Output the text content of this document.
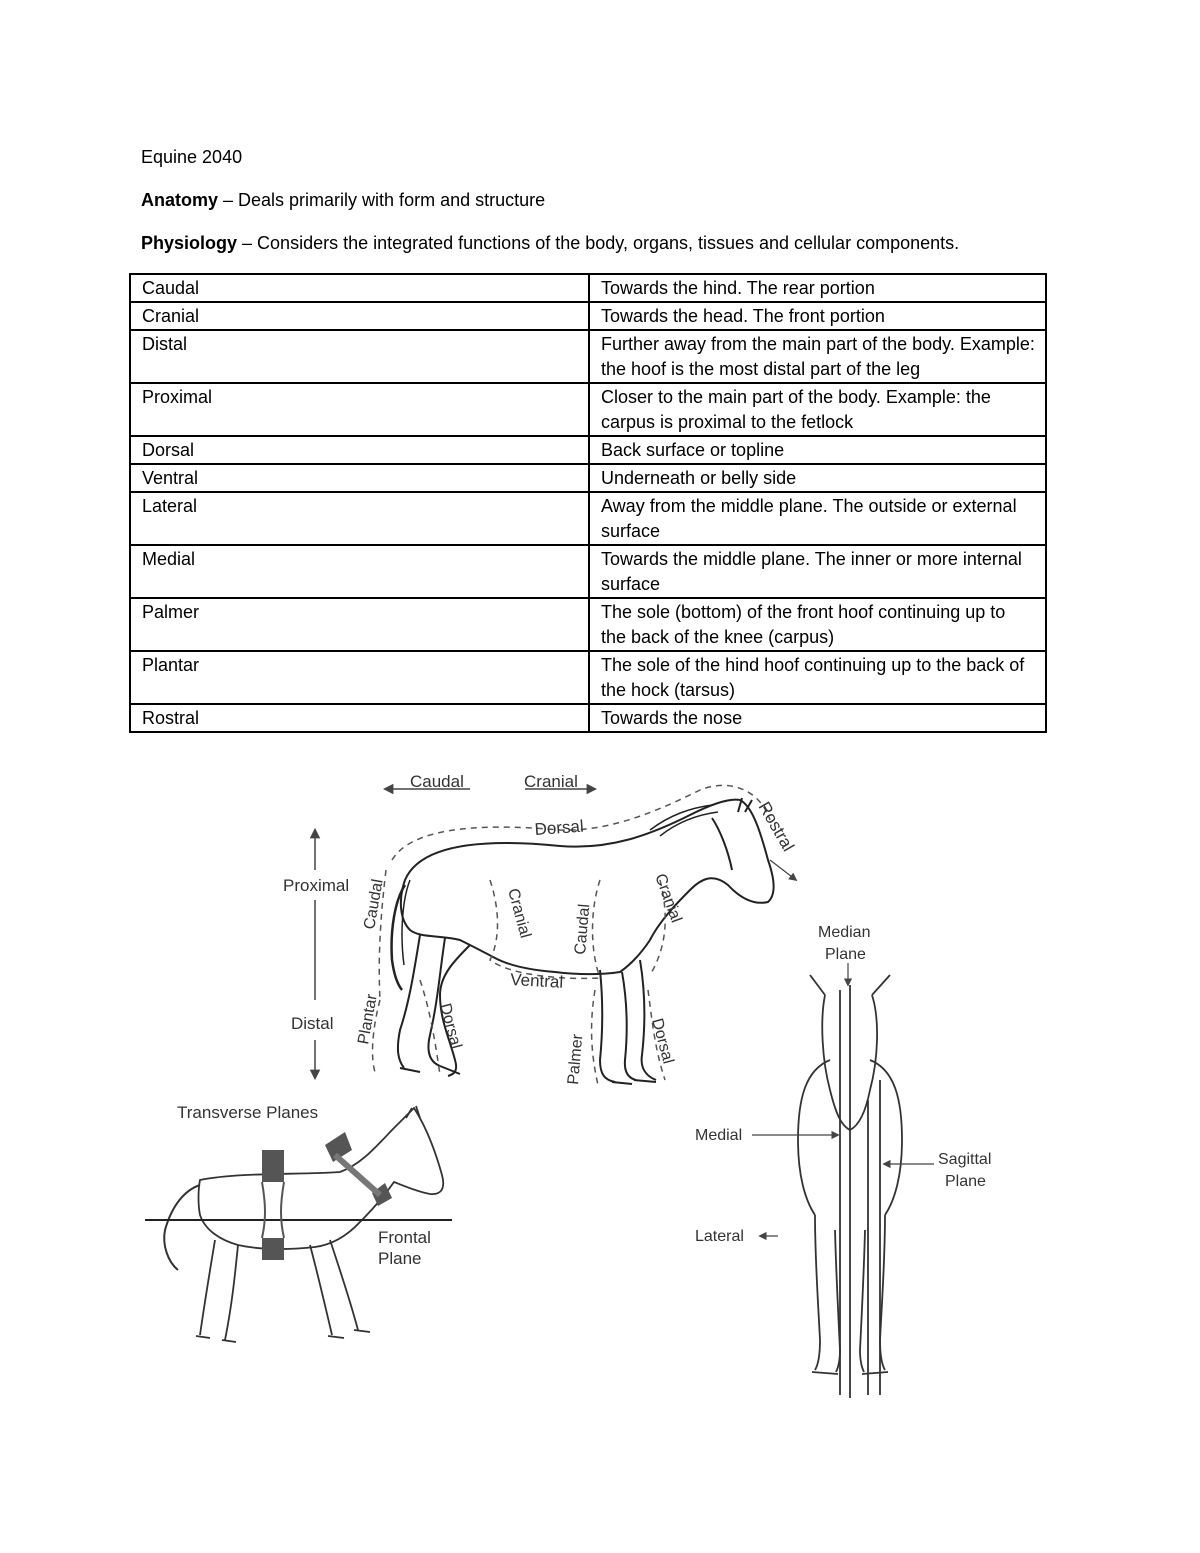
Equine 2040

Anatomy – Deals primarily with form and structure

Physiology – Considers the integrated functions of the body, organs, tissues and cellular components.

Caudal	Towards the hind. The rear portion
Cranial	Towards the head. The front portion
Distal	Further away from the main part of the body. Example: the hoof is the most distal part of the leg
Proximal	Closer to the main part of the body. Example: the carpus is proximal to the fetlock
Dorsal	Back surface or topline
Ventral	Underneath or belly side
Lateral	Away from the middle plane. The outside or external surface
Medial	Towards the middle plane. The inner or more internal surface
Palmer	The sole (bottom) of the front hoof continuing up to the back of the knee (carpus)
Plantar	The sole of the hind hoof continuing up to the back of the hock (tarsus)
Rostral	Towards the nose
Caudal	Cranial
Dorsal	Rostral
Proximal
Distal
Caudal	Cranial Caudal
Cranial
Ventral
Plantar	Dorsal
Palmer	Dorsal
Transverse Planes
Frontal
Plane
Median
Plane
Medial
Lateral
Sagittal
Plane
